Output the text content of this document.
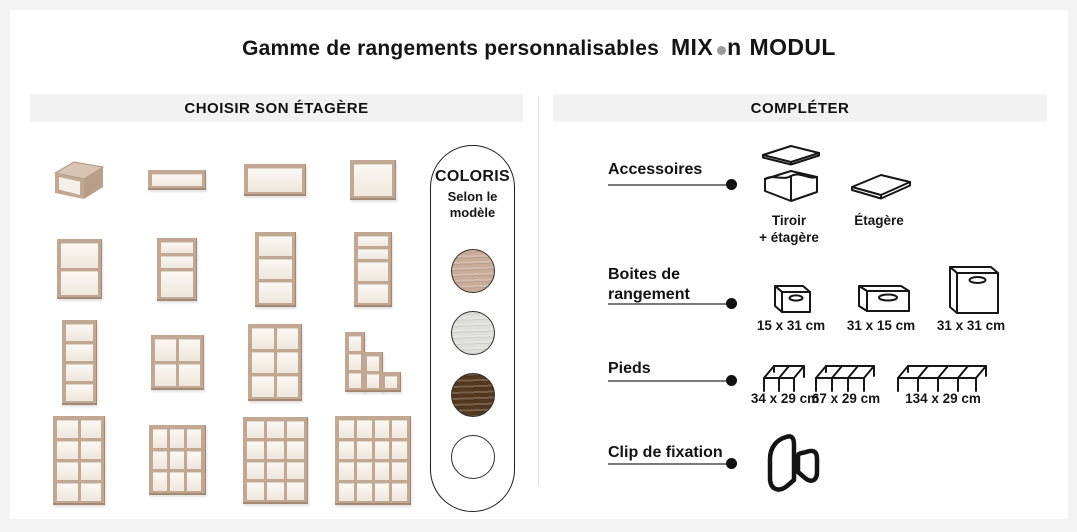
Gamme de rangements personnalisables MIX n MODUL
CHOISIR SON ÉTAGÈRE	COMPLÉTER
COLORIS
Selon le modèle
Accessoires
Tiroir
+ étagère
Étagère
Boites de
rangement
15 x 31 cm 31 x 15 cm 31 x 31 cm
Pieds
34 x 29 cm
67 x 29 cm 134 x 29 cm
Clip de fixation
